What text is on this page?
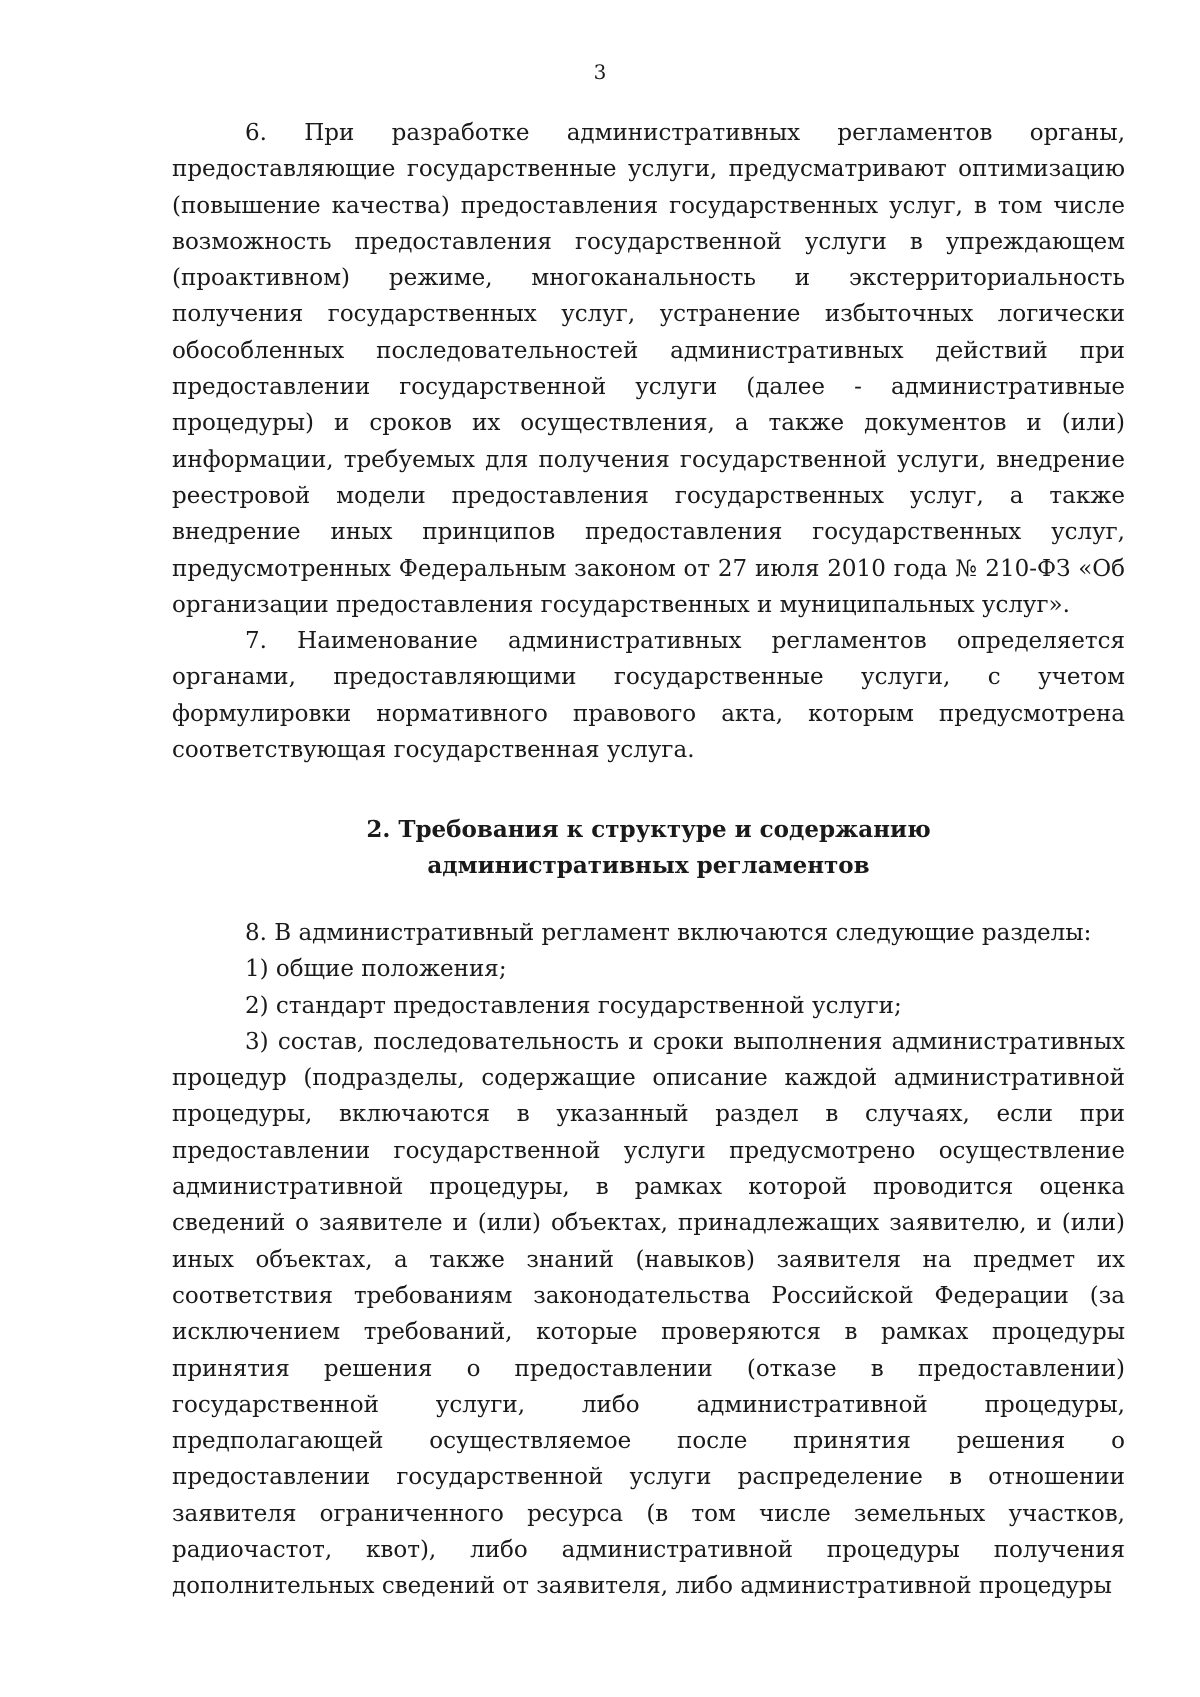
3

6. При разработке административных регламентов органы, предоставляющие государственные услуги, предусматривают оптимизацию (повышение качества) предоставления государственных услуг, в том числе возможность предоставления государственной услуги в упреждающем (проактивном) режиме, многоканальность и экстерриториальность получения государственных услуг, устранение избыточных логически обособленных последовательностей административных действий при предоставлении государственной услуги (далее - административные процедуры) и сроков их осуществления, а также документов и (или) информации, требуемых для получения государственной услуги, внедрение реестровой модели предоставления государственных услуг, а также внедрение иных принципов предоставления государственных услуг, предусмотренных Федеральным законом от 27 июля 2010 года № 210-ФЗ «Об организации предоставления государственных и муниципальных услуг».

7. Наименование административных регламентов определяется органами, предоставляющими государственные услуги, с учетом формулировки нормативного правового акта, которым предусмотрена соответствующая государственная услуга.

2. Требования к структуре и содержанию
административных регламентов

8. В административный регламент включаются следующие разделы:

1) общие положения;

2) стандарт предоставления государственной услуги;

3) состав, последовательность и сроки выполнения административных процедур (подразделы, содержащие описание каждой административной процедуры, включаются в указанный раздел в случаях, если при предоставлении государственной услуги предусмотрено осуществление административной процедуры, в рамках которой проводится оценка сведений о заявителе и (или) объектах, принадлежащих заявителю, и (или) иных объектах, а также знаний (навыков) заявителя на предмет их соответствия требованиям законодательства Российской Федерации (за исключением требований, которые проверяются в рамках процедуры принятия решения о предоставлении (отказе в предоставлении) государственной услуги, либо административной процедуры, предполагающей осуществляемое после принятия решения о предоставлении государственной услуги распределение в отношении заявителя ограниченного ресурса (в том числе земельных участков, радиочастот, квот), либо административной процедуры получения дополнительных сведений от заявителя, либо административной процедуры
